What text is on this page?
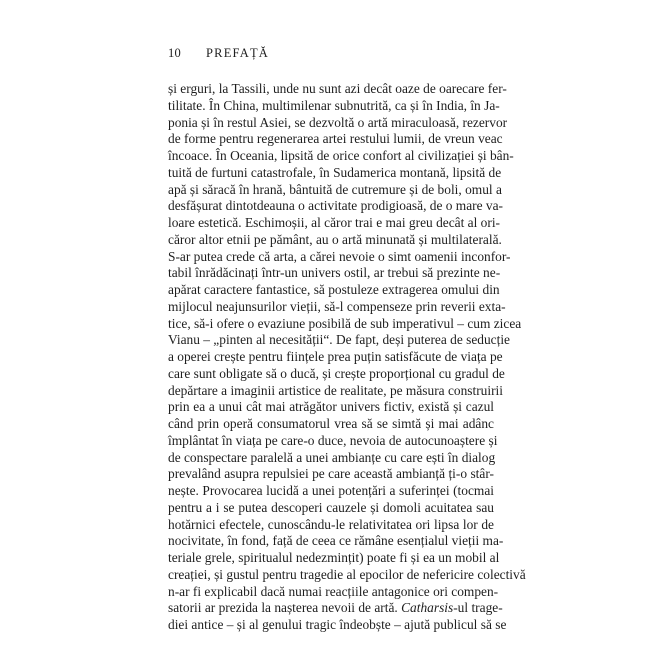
10 PREFAȚĂ
și erguri, la Tassili, unde nu sunt azi decât oaze de oarecare fer-
tilitate. În China, multimilenar subnutrită, ca și în India, în Ja-
ponia și în restul Asiei, se dezvoltă o artă miraculoasă, rezervor
de forme pentru regenerarea artei restului lumii, de vreun veac
încoace. În Oceania, lipsită de orice confort al civilizației și bân-
tuită de furtuni catastrofale, în Sudamerica montană, lipsită de
apă și săracă în hrană, bântuită de cutremure și de boli, omul a
desfășurat dintotdeauna o activitate prodigioasă, de o mare va-
loare estetică. Eschimoșii, al căror trai e mai greu decât al ori-
căror altor etnii pe pământ, au o artă minunată și multilaterală.
S-ar putea crede că arta, a cărei nevoie o simt oamenii inconfor-
tabil înrădăcinați într-un univers ostil, ar trebui să prezinte ne-
apărat caractere fantastice, să postuleze extragerea omului din
mijlocul neajunsurilor vieții, să-l compenseze prin reverii exta-
tice, să-i ofere o evaziune posibilă de sub imperativul – cum zicea
Vianu – „pinten al necesității“. De fapt, deși puterea de seducție
a operei crește pentru ființele prea puțin satisfăcute de viața pe
care sunt obligate să o ducă, și crește proporțional cu gradul de
depărtare a imaginii artistice de realitate, pe măsura construirii
prin ea a unui cât mai atrăgător univers fictiv, există și cazul
când prin operă consumatorul vrea să se simtă și mai adânc
împlântat în viața pe care-o duce, nevoia de autocunoaștere și
de conspectare paralelă a unei ambianțe cu care ești în dialog
prevalând asupra repulsiei pe care această ambianță ți-o stâr-
nește. Provocarea lucidă a unei potențări a suferinței (tocmai
pentru a i se putea descoperi cauzele și domoli acuitatea sau
hotărnici efectele, cunoscându-le relativitatea ori lipsa lor de
nocivitate, în fond, față de ceea ce rămâne esențialul vieții ma-
teriale grele, spiritualul nedezmințit) poate fi și ea un mobil al
creației, și gustul pentru tragedie al epocilor de nefericire colectivă
n-ar fi explicabil dacă numai reacțiile antagonice ori compen-
satorii ar prezida la nașterea nevoii de artă. Catharsis-ul trage-
diei antice – și al genului tragic îndeobște – ajută publicul să se
